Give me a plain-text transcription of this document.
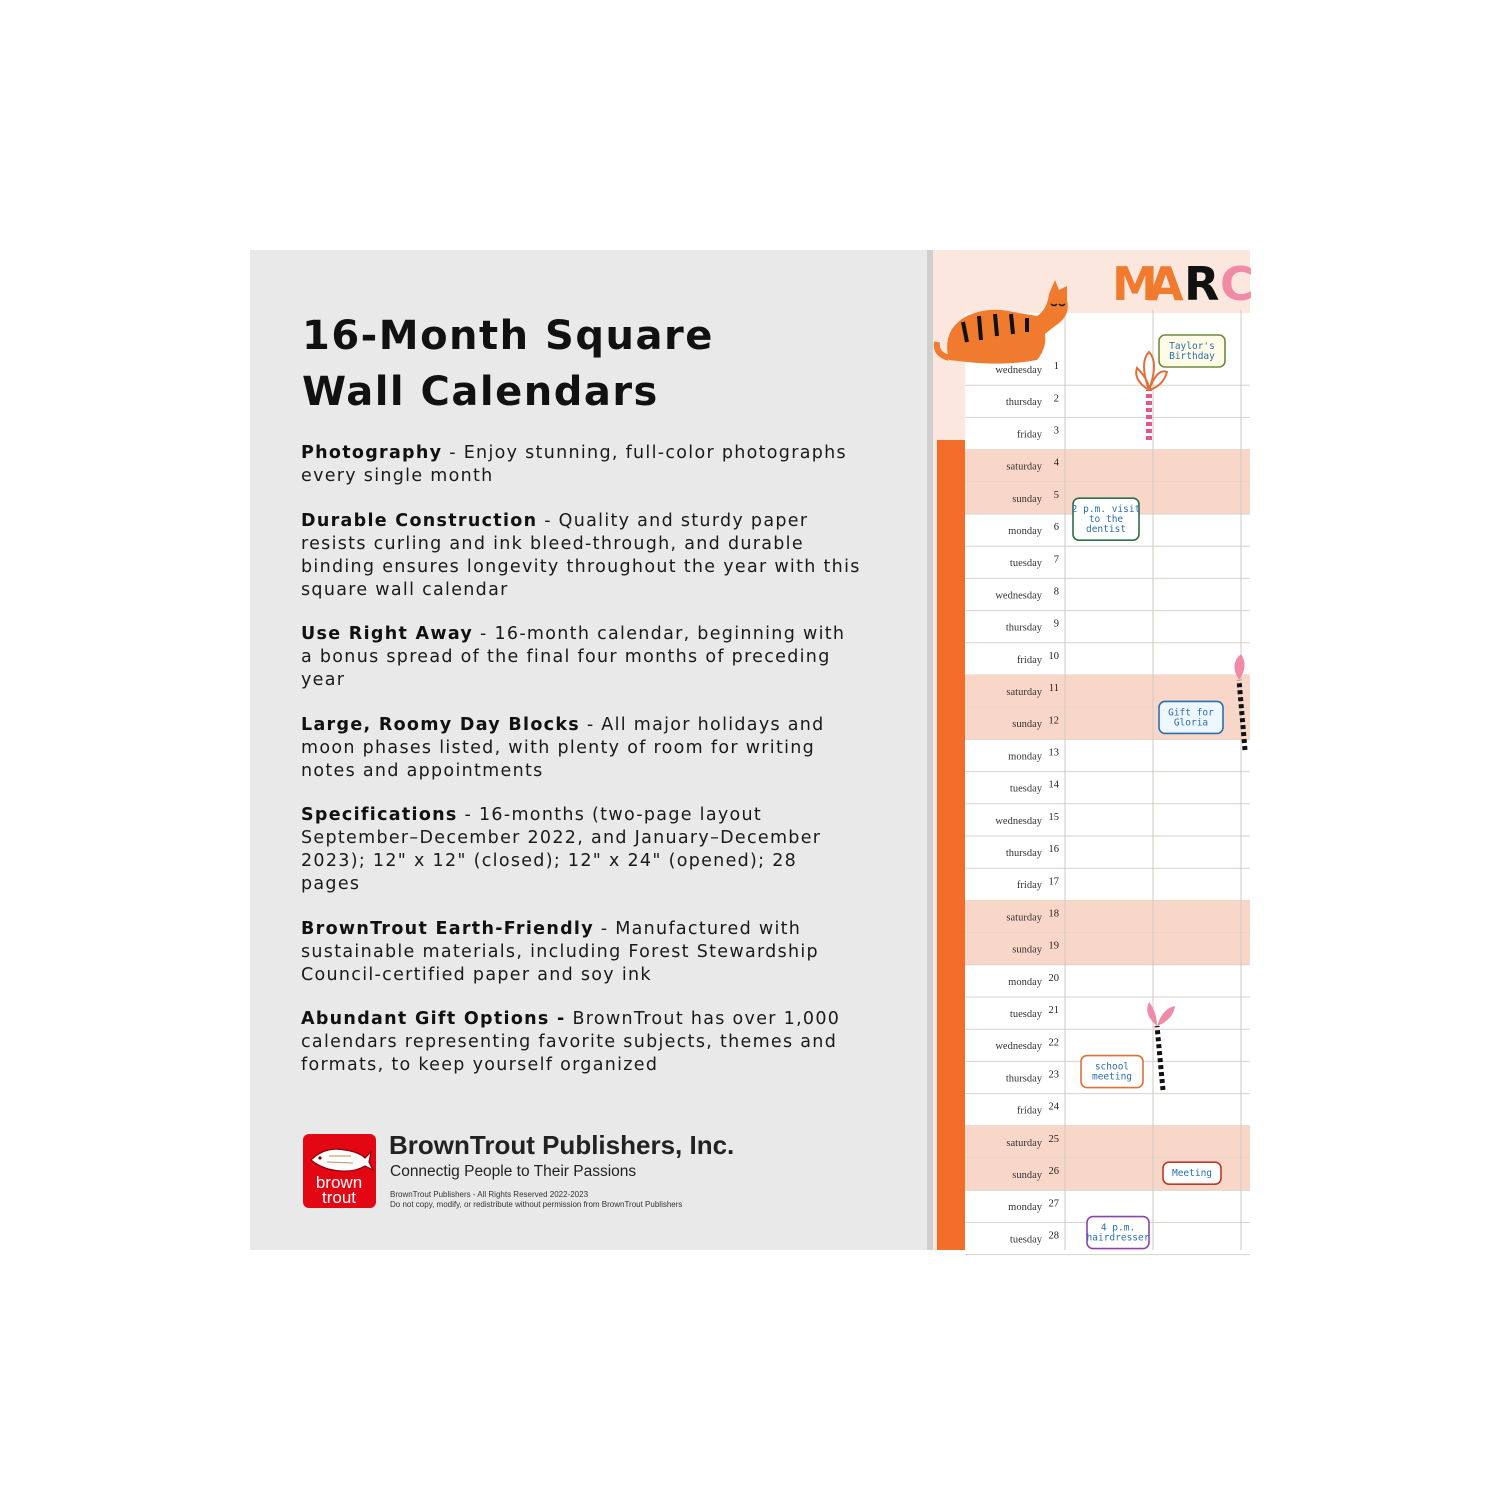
16-Month Square
Wall Calendars

Photography - Enjoy stunning, full-color photographs every single month

Durable Construction - Quality and sturdy paper resists curling and ink bleed-through, and durable binding ensures longevity throughout the year with this square wall calendar

Use Right Away - 16-month calendar, beginning with a bonus spread of the final four months of preceding year

Large, Roomy Day Blocks - All major holidays and moon phases listed, with plenty of room for writing notes and appointments

Specifications - 16-months (two-page layout September–December 2022, and January–December 2023); 12" x 12" (closed); 12" x 24" (opened); 28 pages

BrownTrout Earth-Friendly - Manufactured with sustainable materials, including Forest Stewardship Council-certified paper and soy ink

Abundant Gift Options - BrownTrout has over 1,000 calendars representing favorite subjects, themes and formats, to keep yourself organized

brown
trout
BrownTrout Publishers, Inc.
Connectig People to Their Passions
BrownTrout Publishers - All Rights Reserved 2022-2023
Do not copy, modify, or redistribute without permission from BrownTrout Publishers
wednesday 1
thursday 2
friday 3
saturday 4
sunday 5
monday 6
tuesday 7
wednesday 8
thursday 9
friday 10
saturday 11
sunday 12
monday 13
tuesday 14
wednesday 15
thursday 16
friday 17
saturday 18
sunday 19
monday 20
tuesday 21
wednesday 22
thursday 23
friday 24
saturday 25
sunday 26
monday 27
tuesday 28
M
A R C
Taylor's
Birthday
2 p.m. visit
to the
dentist
Gift for
Gloria
school
meeting
Meeting
4 p.m.
hairdresser
